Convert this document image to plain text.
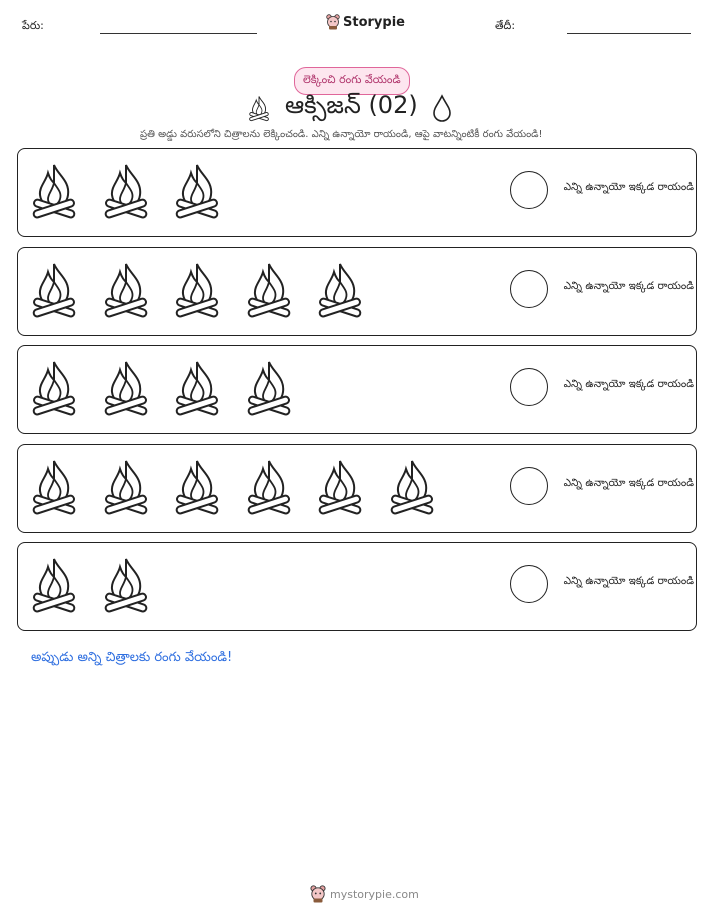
పేరు:	Storypie	తేదీ:
లెక్కించి రంగు వేయండి
ఆక్సిజన్ (02)
ప్రతి అడ్డు వరుసలోని చిత్రాలను లెక్కించండి. ఎన్ని ఉన్నాయో రాయండి, ఆపై వాటన్నింటికీ రంగు వేయండి!
ఎన్ని ఉన్నాయో ఇక్కడ రాయండి
ఎన్ని ఉన్నాయో ఇక్కడ రాయండి
ఎన్ని ఉన్నాయో ఇక్కడ రాయండి
ఎన్ని ఉన్నాయో ఇక్కడ రాయండి
ఎన్ని ఉన్నాయో ఇక్కడ రాయండి
అప్పుడు అన్ని చిత్రాలకు రంగు వేయండి!
mystorypie.com
